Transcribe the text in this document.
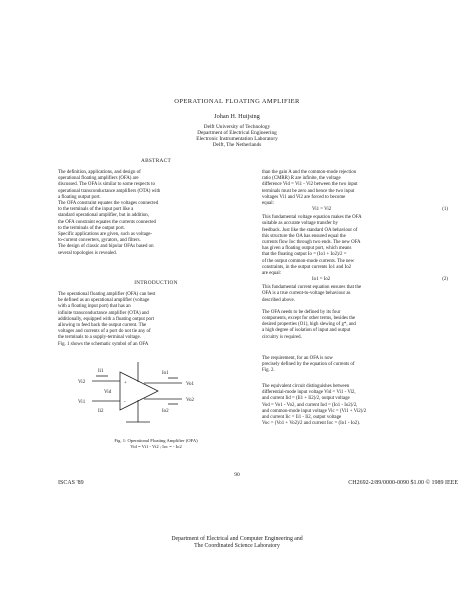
OPERATIONAL FLOATING AMPLIFIER
Johan H. Huijsing
Delft University of Technology
Department of Electrical Engineering
Electronic Instrumentation Laboratory
Delft, The Netherlands
ABSTRACT
The definition, applications, and design of
operational floating amplifiers (OFA) are
discussed. The OFA is similar to some respects to
operational transconductance amplifiers (OTA) with
a floating output port.
The OFA constraint equates the voltages connected
to the terminals of the input port like a
standard operational amplifier, but in addition,
the OFA constraint equates the currents connected
to the terminals of the output port.
Specific applications are given, such as voltage-
to-current converters, gyrators, and filters.
The design of classic and bipolar OFAs based on
several topologies is revealed.
INTRODUCTION
The operational floating amplifier (OFA) can best
be defined as an operational amplifier (voltage
with a floating input port) that has an
infinite transconductance amplifier (OTA) and
additionally, equipped with a floating output port
allowing to feed back the output current. The
voltages and currents of a port do not tie any of
the terminals to a supply-terminal voltage.
Fig. 1 shows the schematic symbol of an OFA
+
-
Vi2
Vi1
Ii1
Ii2
Vid
Io1
Io2
Vo1
Vo2
Fig. 1: Operational Floating Amplifier (OFA)
Vid = Vi1 - Vi2 ; Ioc = - Io2
than the gain A and the common-mode rejection
ratio (CMRR) R are infinite, the voltage
difference Vid = Vi1 - Vi2 between the two input
terminals must be zero and hence the two input
voltages Vi1 and Vi2 are forced to become
equal:
Vi1 = Vi2	(1)
This fundamental voltage equation makes the OFA
suitable as accurate voltage transfer by
feedback. Just like the standard OA behaviour of
this structure the OA has ensured equal the
currents flow Ioc through two ends. The new OFA
has given a floating output port, which means
that the floating output Io = (Io1 + Io2)/2 =
of the output common-mode currents. The new
constraints, in the output currents Io1 and Io2
are equal:
Io1 = Io2	(2)
This fundamental current equation ensures that the
OFA is a true current-to-voltage behaviour as
described above.
The OFA needs to be defined by its four
components, except for other terms, besides the
desired properties (O1), high slewing of g*, and
a high degree of isolation of input and output
circuitry is required.
The requirement, for an OFA is now
precisely defined by the equation of currents of
Fig. 2.
The equivalent circuit distinguishes between
differential-mode input voltage Vid = Vi1 - Vi2,
and current Iid = (Ii1 + Ii2)/2, output voltage
Vod = Vo1 - Vo2, and current Iod = (Io1 - Io2)/2,
and common-mode input voltage Vic = (Vi1 + Vi2)/2
and current Iic = Ii1 - Ii2, output voltage
Voc = (Vo1 + Vo2)/2 and current Ioc = (Io1 - Io2).
90
ISCAS '89	CH2692-2/89/0000-0090 $1.00 © 1989 IEEE
Department of Electrical and Computer Engineering and
The Coordinated Science Laboratory
